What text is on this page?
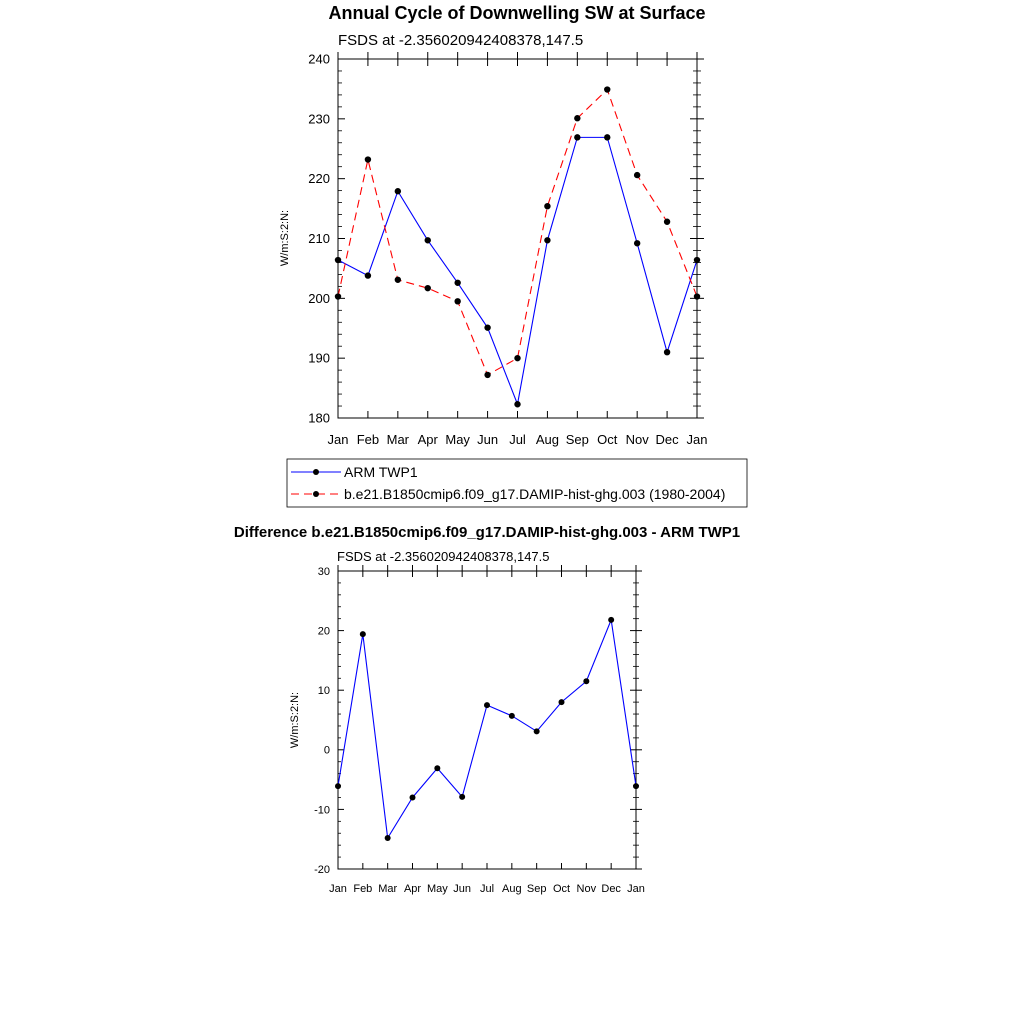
Annual Cycle of Downwelling SW at Surface
FSDS at -2.356020942408378,147.5
W/m:S:2:N:
180
190
200
210
220
230
240
Jan Feb Mar Apr May Jun Jul Aug Sep Oct Nov Dec Jan
ARM TWP1
b.e21.B1850cmip6.f09_g17.DAMIP-hist-ghg.003 (1980-2004)
Difference b.e21.B1850cmip6.f09_g17.DAMIP-hist-ghg.003 - ARM TWP1
FSDS at -2.356020942408378,147.5
W/m:S:2:N:
-20
-10
0
10
20
30
Jan Feb Mar Apr May Jun Jul Aug Sep Oct Nov Dec Jan
